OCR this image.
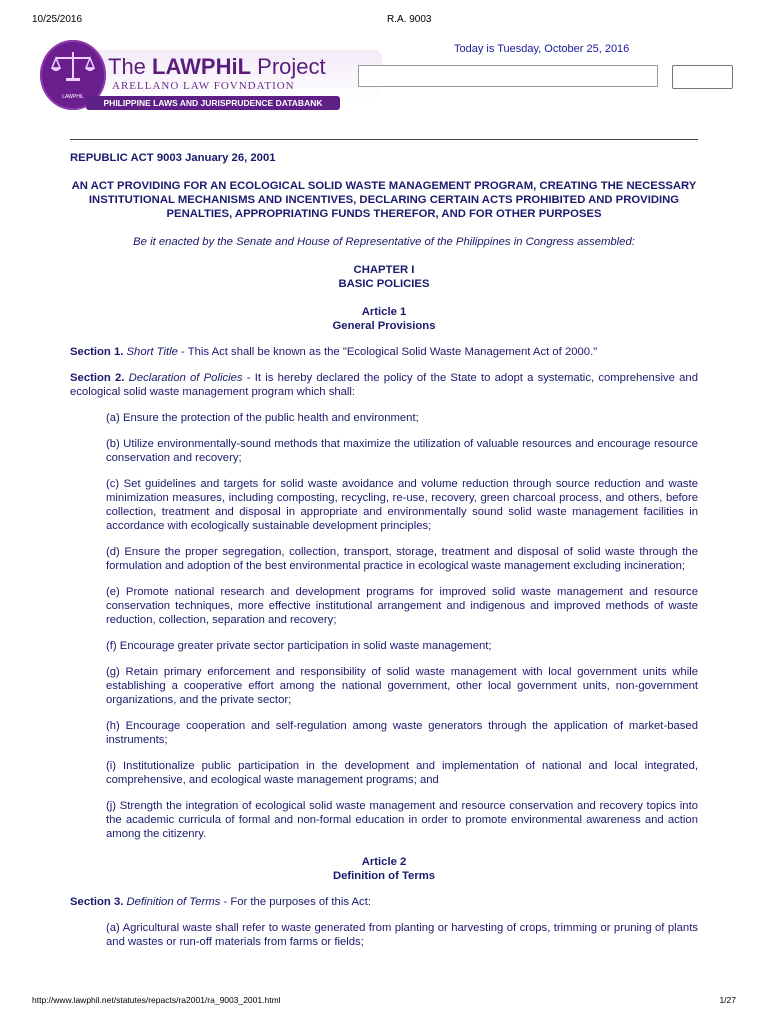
10/25/2016	R.A. 9003
LAWPHiL
The LAWPHiL Project
ARELLANO LAW FOVNDATION
PHILIPPINE LAWS AND JURISPRUDENCE DATABANK
Today is Tuesday, October 25, 2016

REPUBLIC ACT 9003 January 26, 2001

AN ACT PROVIDING FOR AN ECOLOGICAL SOLID WASTE MANAGEMENT PROGRAM, CREATING THE NECESSARY INSTITUTIONAL MECHANISMS AND INCENTIVES, DECLARING CERTAIN ACTS PROHIBITED AND PROVIDING PENALTIES, APPROPRIATING FUNDS THEREFOR, AND FOR OTHER PURPOSES

Be it enacted by the Senate and House of Representative of the Philippines in Congress assembled:

CHAPTER I
BASIC POLICIES

Article 1
General Provisions

Section 1. Short Title - This Act shall be known as the "Ecological Solid Waste Management Act of 2000."

Section 2. Declaration of Policies - It is hereby declared the policy of the State to adopt a systematic, comprehensive and ecological solid waste management program which shall:

(a) Ensure the protection of the public health and environment;

(b) Utilize environmentally-sound methods that maximize the utilization of valuable resources and encourage resource conservation and recovery;

(c) Set guidelines and targets for solid waste avoidance and volume reduction through source reduction and waste minimization measures, including composting, recycling, re-use, recovery, green charcoal process, and others, before collection, treatment and disposal in appropriate and environmentally sound solid waste management facilities in accordance with ecologically sustainable development principles;

(d) Ensure the proper segregation, collection, transport, storage, treatment and disposal of solid waste through the formulation and adoption of the best environmental practice in ecological waste management excluding incineration;

(e) Promote national research and development programs for improved solid waste management and resource conservation techniques, more effective institutional arrangement and indigenous and improved methods of waste reduction, collection, separation and recovery;

(f) Encourage greater private sector participation in solid waste management;

(g) Retain primary enforcement and responsibility of solid waste management with local government units while establishing a cooperative effort among the national government, other local government units, non-government organizations, and the private sector;

(h) Encourage cooperation and self-regulation among waste generators through the application of market-based instruments;

(i) Institutionalize public participation in the development and implementation of national and local integrated, comprehensive, and ecological waste management programs; and

(j) Strength the integration of ecological solid waste management and resource conservation and recovery topics into the academic curricula of formal and non-formal education in order to promote environmental awareness and action among the citizenry.

Article 2
Definition of Terms

Section 3. Definition of Terms - For the purposes of this Act:

(a) Agricultural waste shall refer to waste generated from planting or harvesting of crops, trimming or pruning of plants and wastes or run-off materials from farms or fields;

http://www.lawphil.net/statutes/repacts/ra2001/ra_9003_2001.html	1/27
